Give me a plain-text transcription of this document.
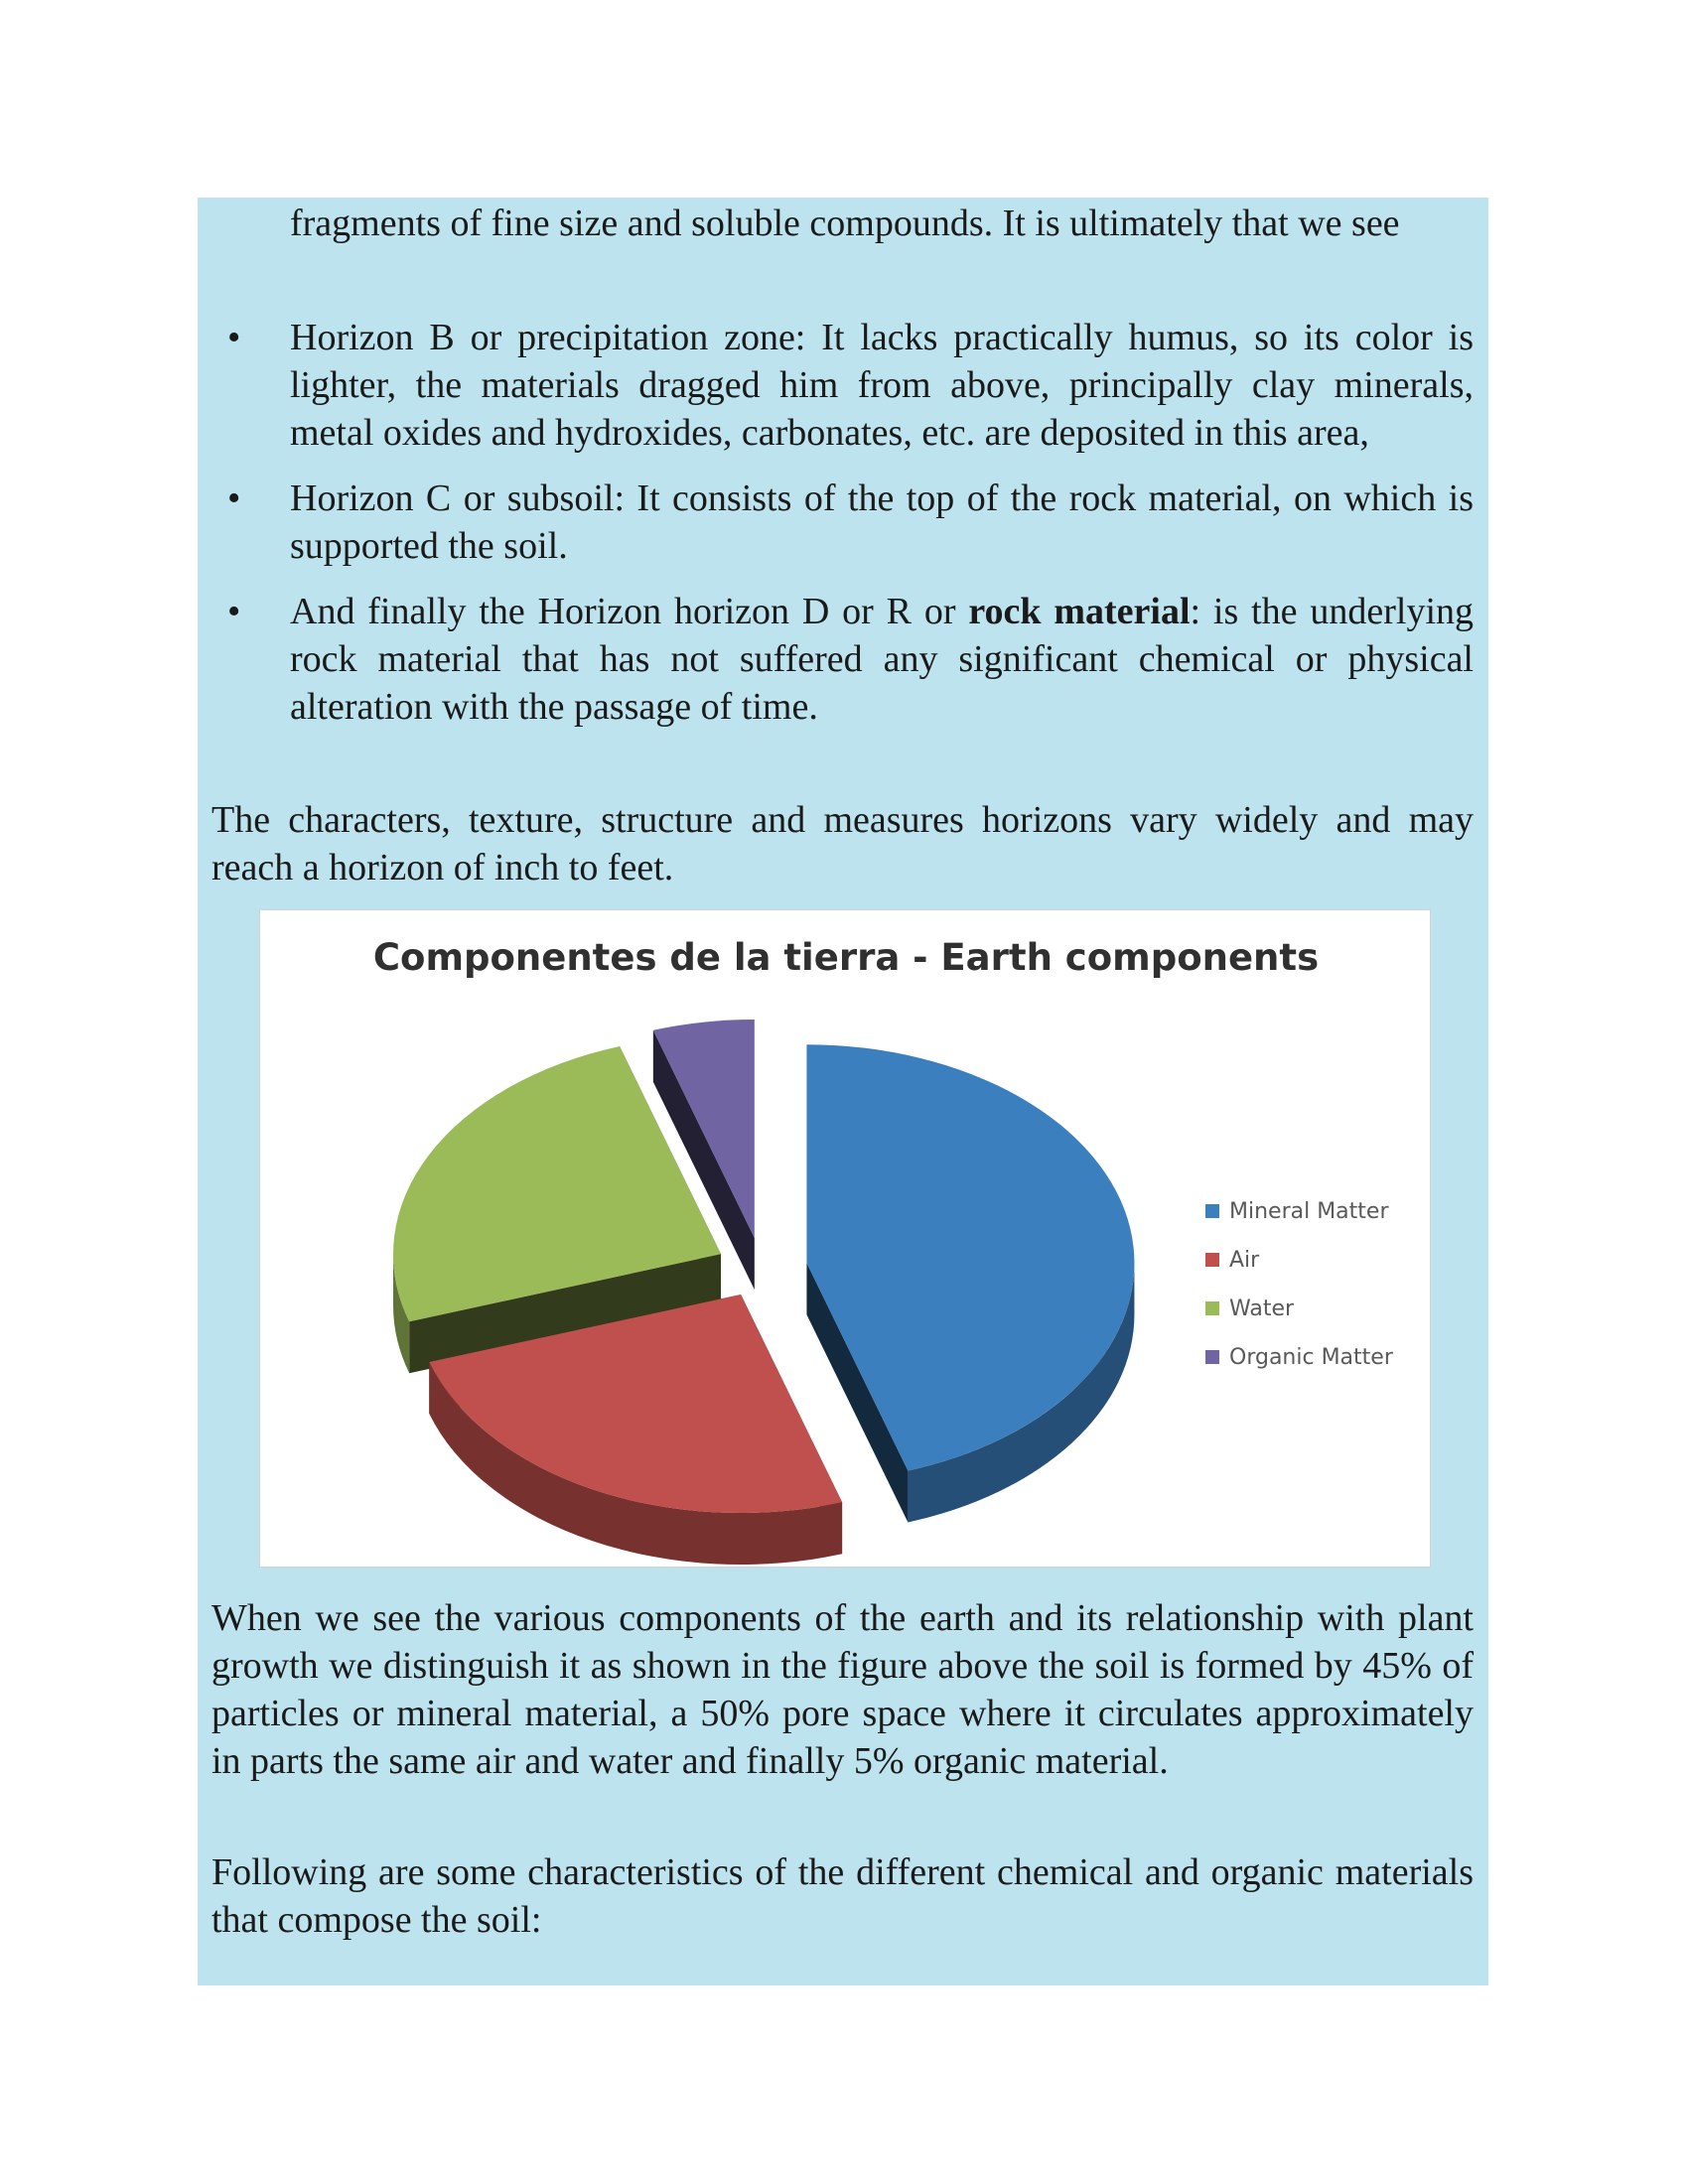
fragments of fine size and soluble compounds. It is ultimately that we see
• Horizon B or precipitation zone: It lacks practically humus, so its color is lighter, the materials dragged him from above, principally clay minerals, metal oxides and hydroxides, carbonates, etc. are deposited in this area,
• Horizon C or subsoil: It consists of the top of the rock material, on which is supported the soil.
• And finally the Horizon horizon D or R or rock material: is the underlying rock material that has not suffered any significant chemical or physical alteration with the passage of time.
The characters, texture, structure and measures horizons vary widely and may reach a horizon of inch to feet.
Componentes de la tierra - Earth components
Mineral Matter
Air
Water
Organic Matter
When we see the various components of the earth and its relationship with plant growth we distinguish it as shown in the figure above the soil is formed by 45% of particles or mineral material, a 50% pore space where it circulates approximately in parts the same air and water and finally 5% organic material.
Following are some characteristics of the different chemical and organic materials that compose the soil:
